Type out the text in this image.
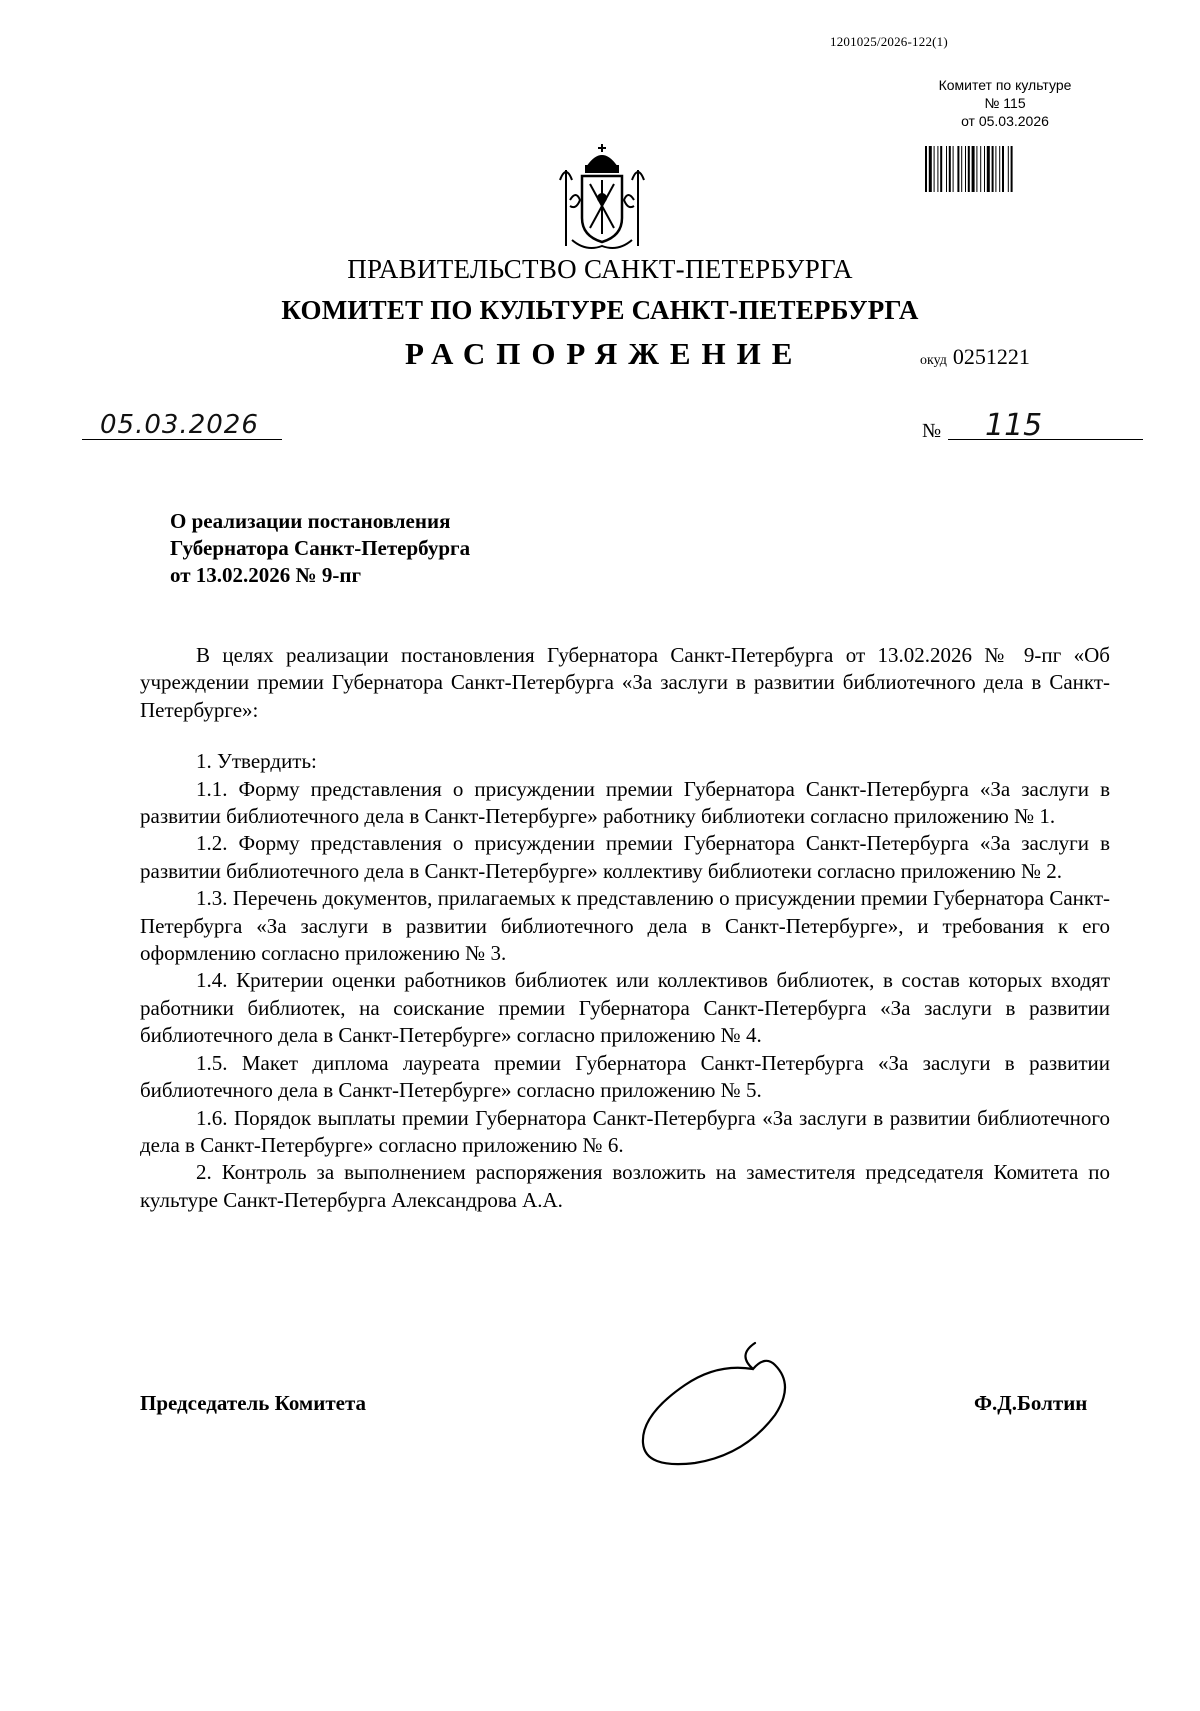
1201025/2026-122(1)
Комитет по культуре
№ 115
от 05.03.2026
ПРАВИТЕЛЬСТВО САНКТ-ПЕТЕРБУРГА
КОМИТЕТ ПО КУЛЬТУРЕ САНКТ-ПЕТЕРБУРГА
РАСПОРЯЖЕНИЕ	окуд 0251221
05.03.2026	№ 115
О реализации постановления
Губернатора Санкт-Петербурга
от 13.02.2026 № 9-пг

В целях реализации постановления Губернатора Санкт-Петербурга от 13.02.2026 № 9-пг «Об учреждении премии Губернатора Санкт-Петербурга «За заслуги в развитии библиотечного дела в Санкт-Петербурге»:

1. Утвердить:

1.1. Форму представления о присуждении премии Губернатора Санкт-Петербурга «За заслуги в развитии библиотечного дела в Санкт-Петербурге» работнику библиотеки согласно приложению № 1.

1.2. Форму представления о присуждении премии Губернатора Санкт-Петербурга «За заслуги в развитии библиотечного дела в Санкт-Петербурге» коллективу библиотеки согласно приложению № 2.

1.3. Перечень документов, прилагаемых к представлению о присуждении премии Губернатора Санкт-Петербурга «За заслуги в развитии библиотечного дела в Санкт-Петербурге», и требования к его оформлению согласно приложению № 3.

1.4. Критерии оценки работников библиотек или коллективов библиотек, в состав которых входят работники библиотек, на соискание премии Губернатора Санкт-Петербурга «За заслуги в развитии библиотечного дела в Санкт-Петербурге» согласно приложению № 4.

1.5. Макет диплома лауреата премии Губернатора Санкт-Петербурга «За заслуги в развитии библиотечного дела в Санкт-Петербурге» согласно приложению № 5.

1.6. Порядок выплаты премии Губернатора Санкт-Петербурга «За заслуги в развитии библиотечного дела в Санкт-Петербурге» согласно приложению № 6.

2. Контроль за выполнением распоряжения возложить на заместителя председателя Комитета по культуре Санкт-Петербурга Александрова А.А.

Председатель Комитета	Ф.Д.Болтин
